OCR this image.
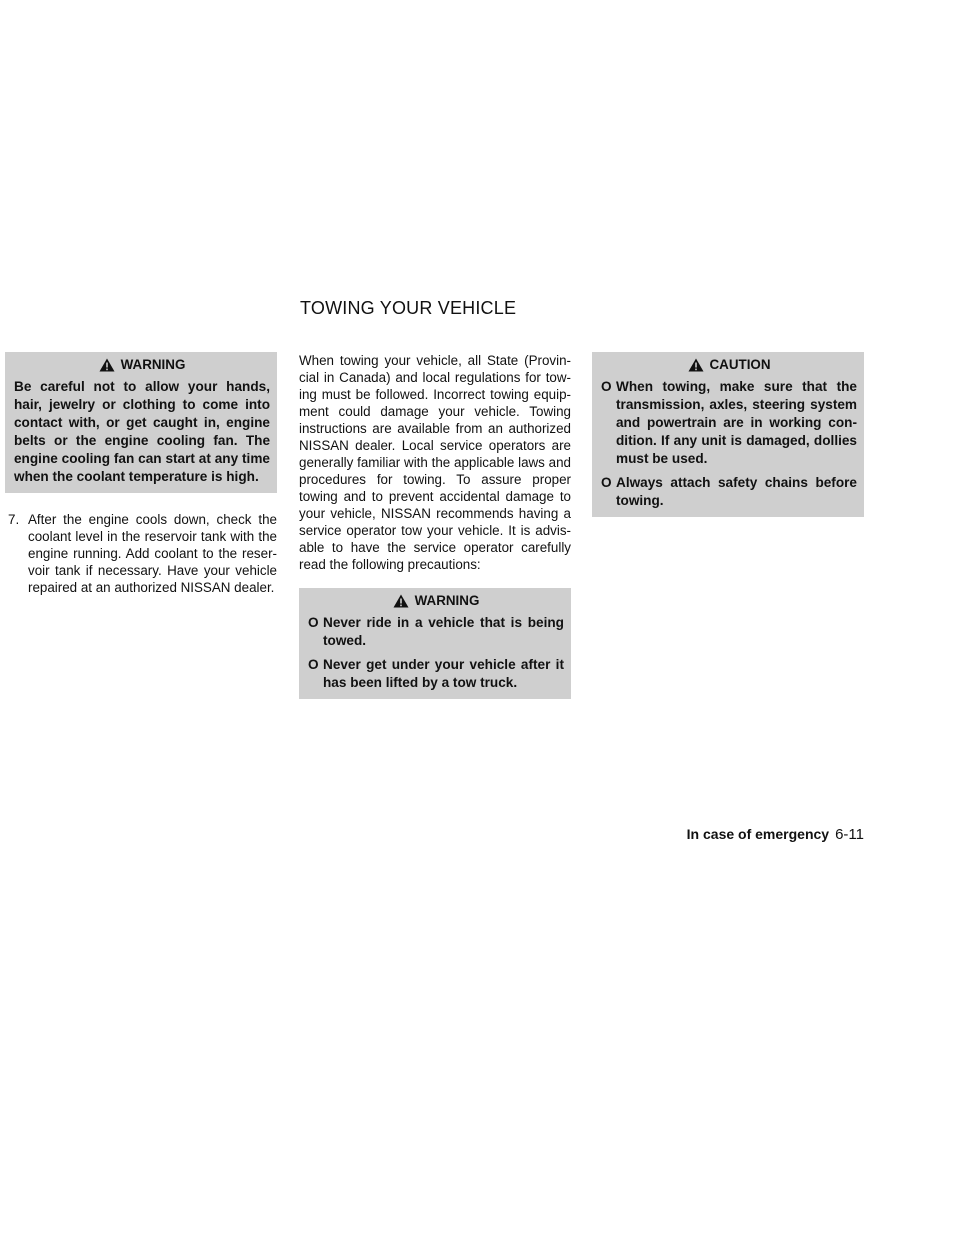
TOWING YOUR VEHICLE
WARNING
Be careful not to allow your hands, hair, jewelry or clothing to come into contact with, or get caught in, engine belts or the engine cooling fan. The engine cooling fan can start at any time when the coolant temperature is high.
7. After the engine cools down, check the coolant level in the reservoir tank with the engine running. Add coolant to the reser- voir tank if necessary. Have your vehicle repaired at an authorized NISSAN dealer.
When towing your vehicle, all State (Provin- cial in Canada) and local regulations for tow- ing must be followed. Incorrect towing equip- ment could damage your vehicle. Towing instructions are available from an authorized NISSAN dealer. Local service operators are generally familiar with the applicable laws and procedures for towing. To assure proper towing and to prevent accidental damage to your vehicle, NISSAN recommends having a service operator tow your vehicle. It is advis- able to have the service operator carefully read the following precautions:
WARNING
O Never ride in a vehicle that is being towed.
O Never get under your vehicle after it has been lifted by a tow truck.
CAUTION
O When towing, make sure that the transmission, axles, steering system and powertrain are in working con- dition. If any unit is damaged, dollies must be used.
O Always attach safety chains before towing.
In case of emergency 6-11
